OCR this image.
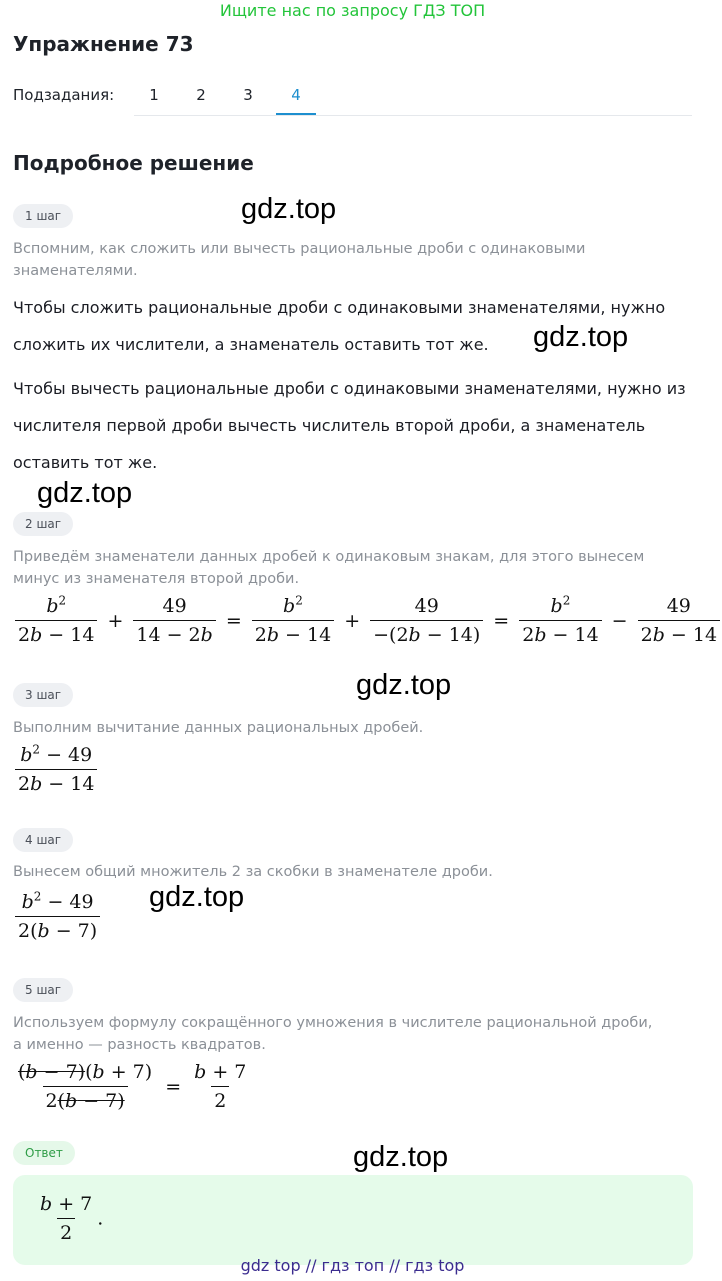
Ищите нас по запросу ГДЗ ТОП
Упражнение 73
Подзадания:	1	2	3	4
Подробное решение
1 шаг	gdz.top
Вспомним, как сложить или вычесть рациональные дроби с одинаковыми знаменателями.
Чтобы сложить рациональные дроби с одинаковыми знаменателями, нужно сложить их числители, а знаменатель оставить тот же.	gdz.top
Чтобы вычесть рациональные дроби с одинаковыми знаменателями, нужно из числителя первой дроби вычесть числитель второй дроби, а знаменатель оставить тот же.
gdz.top
2 шаг
Приведём знаменатели данных дробей к одинаковым знакам, для этого вынесем минус из знаменателя второй дроби.
$\frac{b^2}{2b - 14} + \frac{49}{14 - 2b} = \frac{b^2}{2b - 14} + \frac{49}{-(2b - 14)} = \frac{b^2}{2b - 14} - \frac{49}{2b - 14}$
gdz.top
3 шаг
Выполним вычитание данных рациональных дробей.
$\frac{b^2 - 49}{2b - 14}$
4 шаг
Вынесем общий множитель 2 за скобки в знаменателе дроби.
$\frac{b^2 - 49}{2(b - 7)} gdz.top$
5 шаг
Используем формулу сокращённого умножения в числителе рациональной дроби, а именно — разность квадратов.
$\frac{(b - 7)(b + 7)}{2(b - 7)} = \frac{b + 7}{2}$
Ответ	gdz.top
$\frac{b + 7}{2}$ .
gdz top // гдз топ // гдз top
